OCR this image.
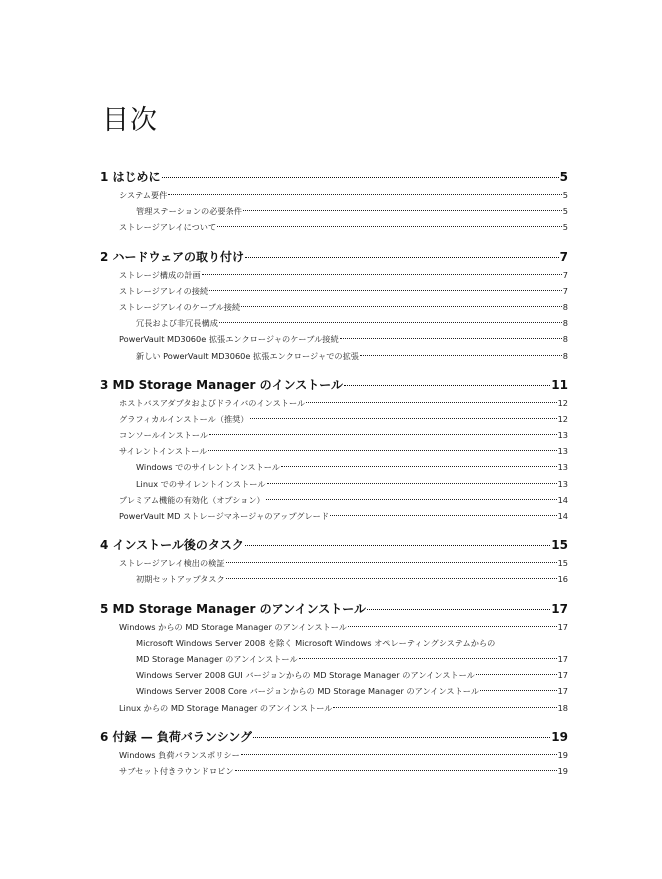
目次
1 はじめに	5
システム要件	5
管理ステーションの必要条件	5
ストレージアレイについて	5
2 ハードウェアの取り付け	7
ストレージ構成の計画	7
ストレージアレイの接続	7
ストレージアレイのケーブル接続	8
冗長および非冗長構成	8
PowerVault MD3060e 拡張エンクロージャのケーブル接続	8
新しい PowerVault MD3060e 拡張エンクロージャでの拡張	8
3 MD Storage Manager のインストール	11
ホストバスアダプタおよびドライバのインストール	12
グラフィカルインストール（推奨）	12
コンソールインストール	13
サイレントインストール	13
Windows でのサイレントインストール	13
Linux でのサイレントインストール	13
プレミアム機能の有効化（オプション）	14
PowerVault MD ストレージマネージャのアップグレード	14
4 インストール後のタスク	15
ストレージアレイ検出の検証	15
初期セットアップタスク	16
5 MD Storage Manager のアンインストール	17
Windows からの MD Storage Manager のアンインストール	17
Microsoft Windows Server 2008 を除く Microsoft Windows オペレーティングシステムからの
MD Storage Manager のアンインストール	17
Windows Server 2008 GUI バージョンからの MD Storage Manager のアンインストール	17
Windows Server 2008 Core バージョンからの MD Storage Manager のアンインストール	17
Linux からの MD Storage Manager のアンインストール	18
6 付録 — 負荷バランシング	19
Windows 負荷バランスポリシー	19
サブセット付きラウンドロビン	19
